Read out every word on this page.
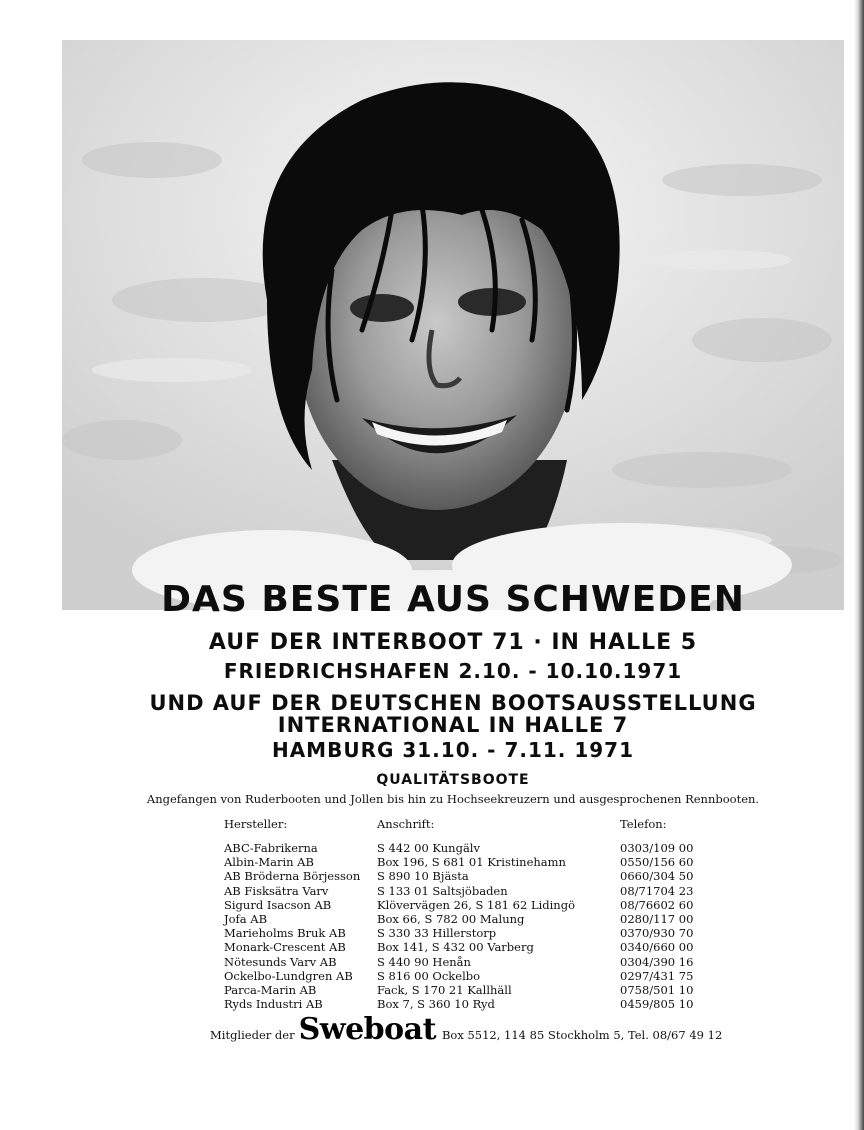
DAS BESTE AUS SCHWEDEN
AUF DER INTERBOOT 71 · IN HALLE 5
FRIEDRICHSHAFEN 2.10. - 10.10.1971
UND AUF DER DEUTSCHEN BOOTSAUSSTELLUNG
INTERNATIONAL IN HALLE 7
HAMBURG 31.10. - 7.11. 1971
QUALITÄTSBOOTE
Angefangen von Ruderbooten und Jollen bis hin zu Hochseekreuzern und ausgesprochenen Rennbooten.
Hersteller:	Anschrift:	Telefon:
ABC-Fabrikerna	S 442 00 Kungälv	0303/109 00
Albin-Marin AB	Box 196, S 681 01 Kristinehamn	0550/156 60
AB Bröderna Börjesson	S 890 10 Bjästa	0660/304 50
AB Fisksätra Varv	S 133 01 Saltsjöbaden	08/71704 23
Sigurd Isacson AB	Klövervägen 26, S 181 62 Lidingö	08/76602 60
Jofa AB	Box 66, S 782 00 Malung	0280/117 00
Marieholms Bruk AB	S 330 33 Hillerstorp	0370/930 70
Monark-Crescent AB	Box 141, S 432 00 Varberg	0340/660 00
Nötesunds Varv AB	S 440 90 Henån	0304/390 16
Ockelbo-Lundgren AB	S 816 00 Ockelbo	0297/431 75
Parca-Marin AB	Fack, S 170 21 Kallhäll	0758/501 10
Ryds Industri AB	Box 7, S 360 10 Ryd	0459/805 10
Mitglieder der Sweboat Box 5512, 114 85 Stockholm 5, Tel. 08/67 49 12
